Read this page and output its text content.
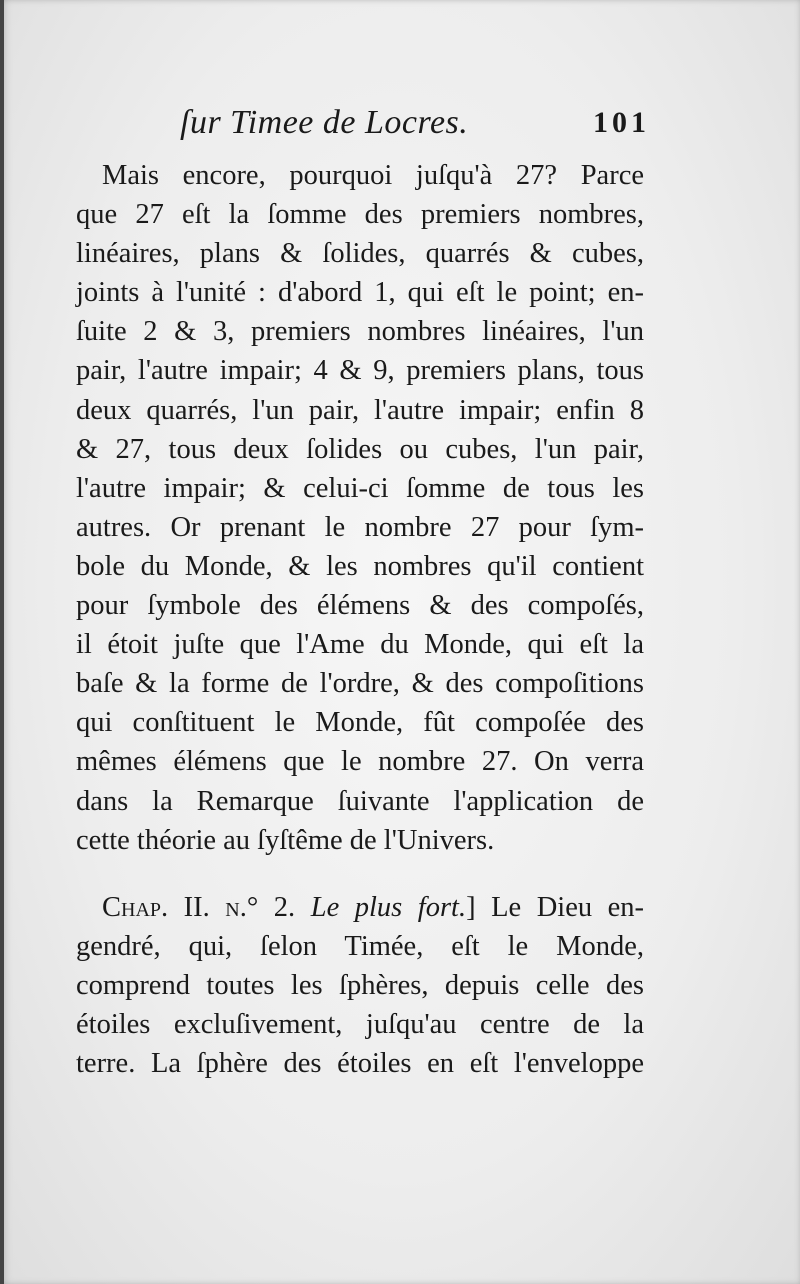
ſur Timee de Locres.	101
Mais encore, pourquoi juſqu'à 27? Parce
que 27 eſt la ſomme des premiers nombres,
linéaires, plans & ſolides, quarrés & cubes,
joints à l'unité : d'abord 1, qui eſt le point; en-
ſuite 2 & 3, premiers nombres linéaires, l'un
pair, l'autre impair; 4 & 9, premiers plans, tous
deux quarrés, l'un pair, l'autre impair; enfin 8
& 27, tous deux ſolides ou cubes, l'un pair,
l'autre impair; & celui-ci ſomme de tous les
autres. Or prenant le nombre 27 pour ſym-
bole du Monde, & les nombres qu'il contient
pour ſymbole des élémens & des compoſés,
il étoit juſte que l'Ame du Monde, qui eſt la
baſe & la forme de l'ordre, & des compoſitions
qui conſtituent le Monde, fût compoſée des
mêmes élémens que le nombre 27. On verra
dans la Remarque ſuivante l'application de
cette théorie au ſyſtême de l'Univers.
Chap. II. n.° 2. Le plus fort.] Le Dieu en-
gendré, qui, ſelon Timée, eſt le Monde,
comprend toutes les ſphères, depuis celle des
étoiles excluſivement, juſqu'au centre de la
terre. La ſphère des étoiles en eſt l'enveloppe
